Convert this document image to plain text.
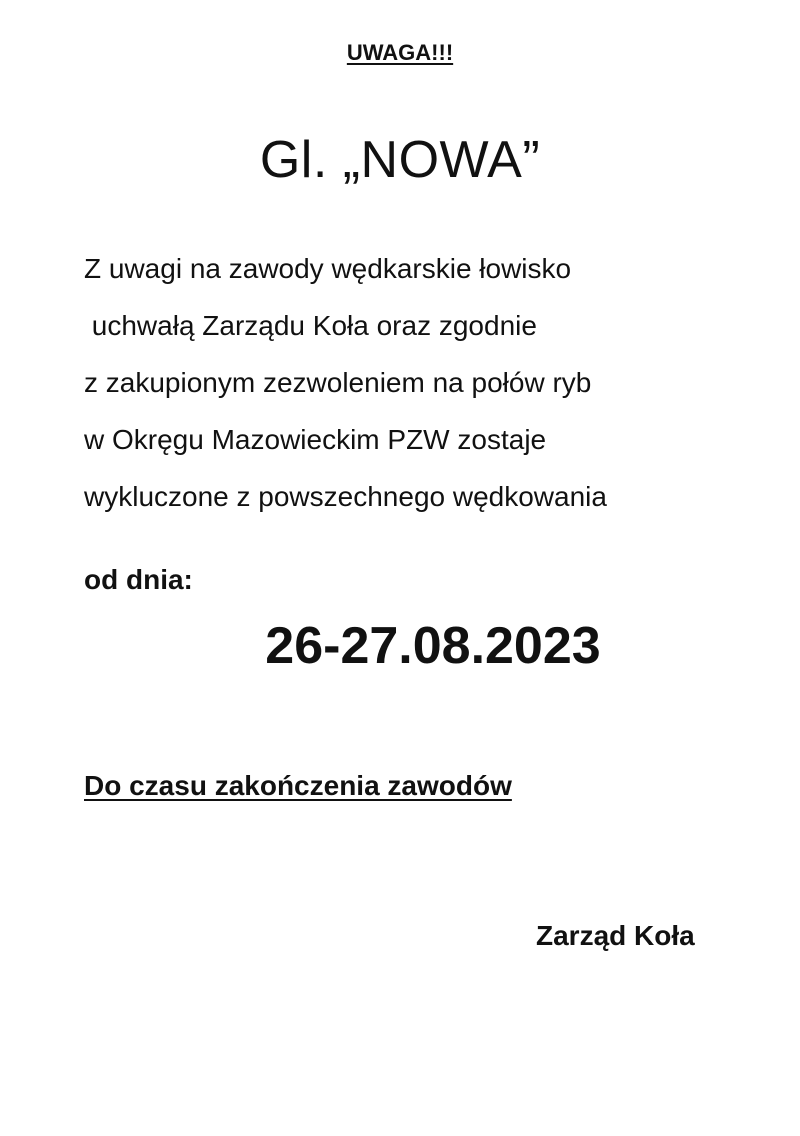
UWAGA!!!
Gl. „NOWA”
Z uwagi na zawody wędkarskie łowisko
uchwałą Zarządu Koła oraz zgodnie
z zakupionym zezwoleniem na połów ryb
w Okręgu Mazowieckim PZW zostaje
wykluczone z powszechnego wędkowania
od dnia:
26-27.08.2023
Do czasu zakończenia zawodów
Zarząd Koła
